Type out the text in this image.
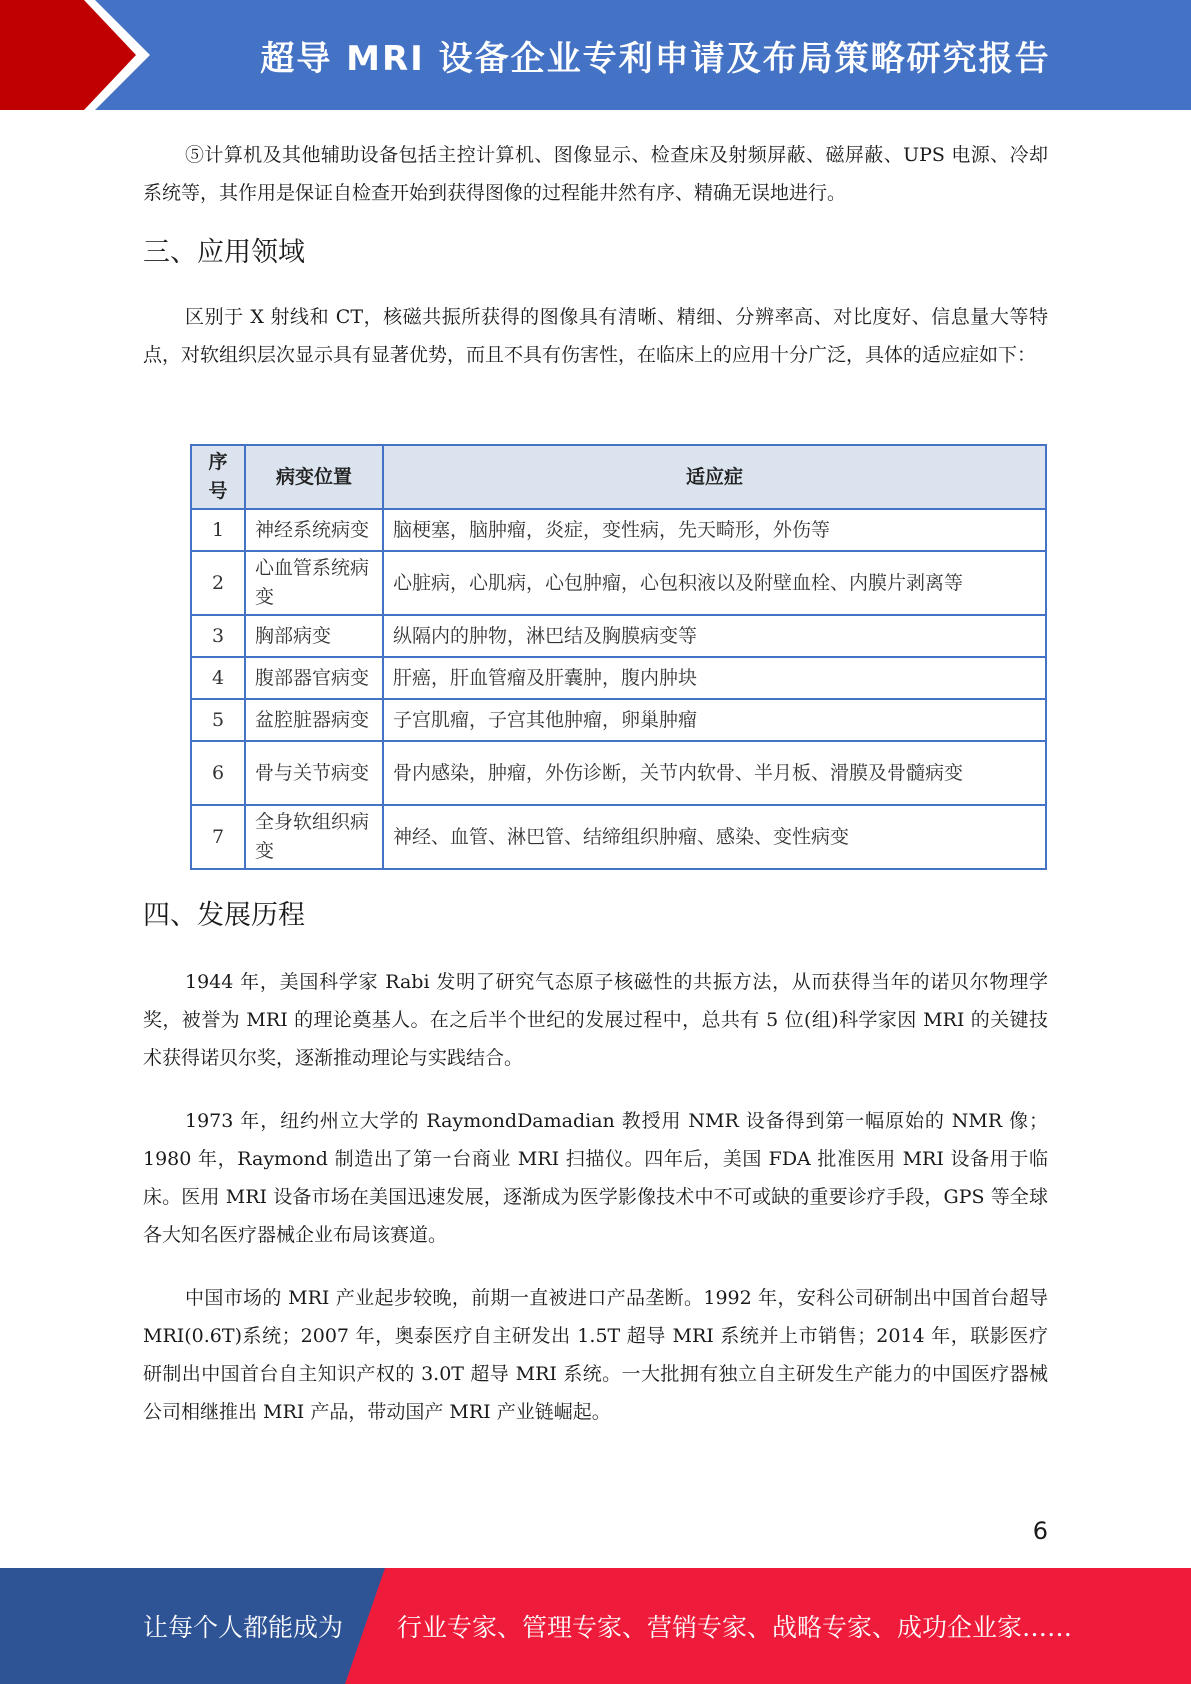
超导 MRI 设备企业专利申请及布局策略研究报告

⑤计算机及其他辅助设备包括主控计算机、图像显示、检查床及射频屏蔽、磁屏蔽、UPS 电源、冷却系统等，其作用是保证自检查开始到获得图像的过程能井然有序、精确无误地进行。

三、应用领域

区别于 X 射线和 CT，核磁共振所获得的图像具有清晰、精细、分辨率高、对比度好、信息量大等特点，对软组织层次显示具有显著优势，而且不具有伤害性，在临床上的应用十分广泛，具体的适应症如下：

序号	病变位置	适应症
1	神经系统病变	脑梗塞，脑肿瘤，炎症，变性病，先天畸形，外伤等
2	心血管系统病变	心脏病，心肌病，心包肿瘤，心包积液以及附壁血栓、内膜片剥离等
3	胸部病变	纵隔内的肿物，淋巴结及胸膜病变等
4	腹部器官病变	肝癌，肝血管瘤及肝囊肿，腹内肿块
5	盆腔脏器病变	子宫肌瘤，子宫其他肿瘤，卵巢肿瘤
6	骨与关节病变	骨内感染，肿瘤，外伤诊断，关节内软骨、半月板、滑膜及骨髓病变
7	全身软组织病变	神经、血管、淋巴管、结缔组织肿瘤、感染、变性病变
四、发展历程

1944 年，美国科学家 Rabi 发明了研究气态原子核磁性的共振方法，从而获得当年的诺贝尔物理学奖，被誉为 MRI 的理论奠基人。在之后半个世纪的发展过程中，总共有 5 位(组)科学家因 MRI 的关键技术获得诺贝尔奖，逐渐推动理论与实践结合。

1973 年，纽约州立大学的 RaymondDamadian 教授用 NMR 设备得到第一幅原始的 NMR 像；1980 年，Raymond 制造出了第一台商业 MRI 扫描仪。四年后，美国 FDA 批准医用 MRI 设备用于临床。医用 MRI 设备市场在美国迅速发展，逐渐成为医学影像技术中不可或缺的重要诊疗手段，GPS 等全球各大知名医疗器械企业布局该赛道。

中国市场的 MRI 产业起步较晚，前期一直被进口产品垄断。1992 年，安科公司研制出中国首台超导 MRI(0.6T)系统；2007 年，奥泰医疗自主研发出 1.5T 超导 MRI 系统并上市销售；2014 年，联影医疗研制出中国首台自主知识产权的 3.0T 超导 MRI 系统。一大批拥有独立自主研发生产能力的中国医疗器械公司相继推出 MRI 产品，带动国产 MRI 产业链崛起。

6
让每个人都能成为 行业专家、管理专家、营销专家、战略专家、成功企业家……
